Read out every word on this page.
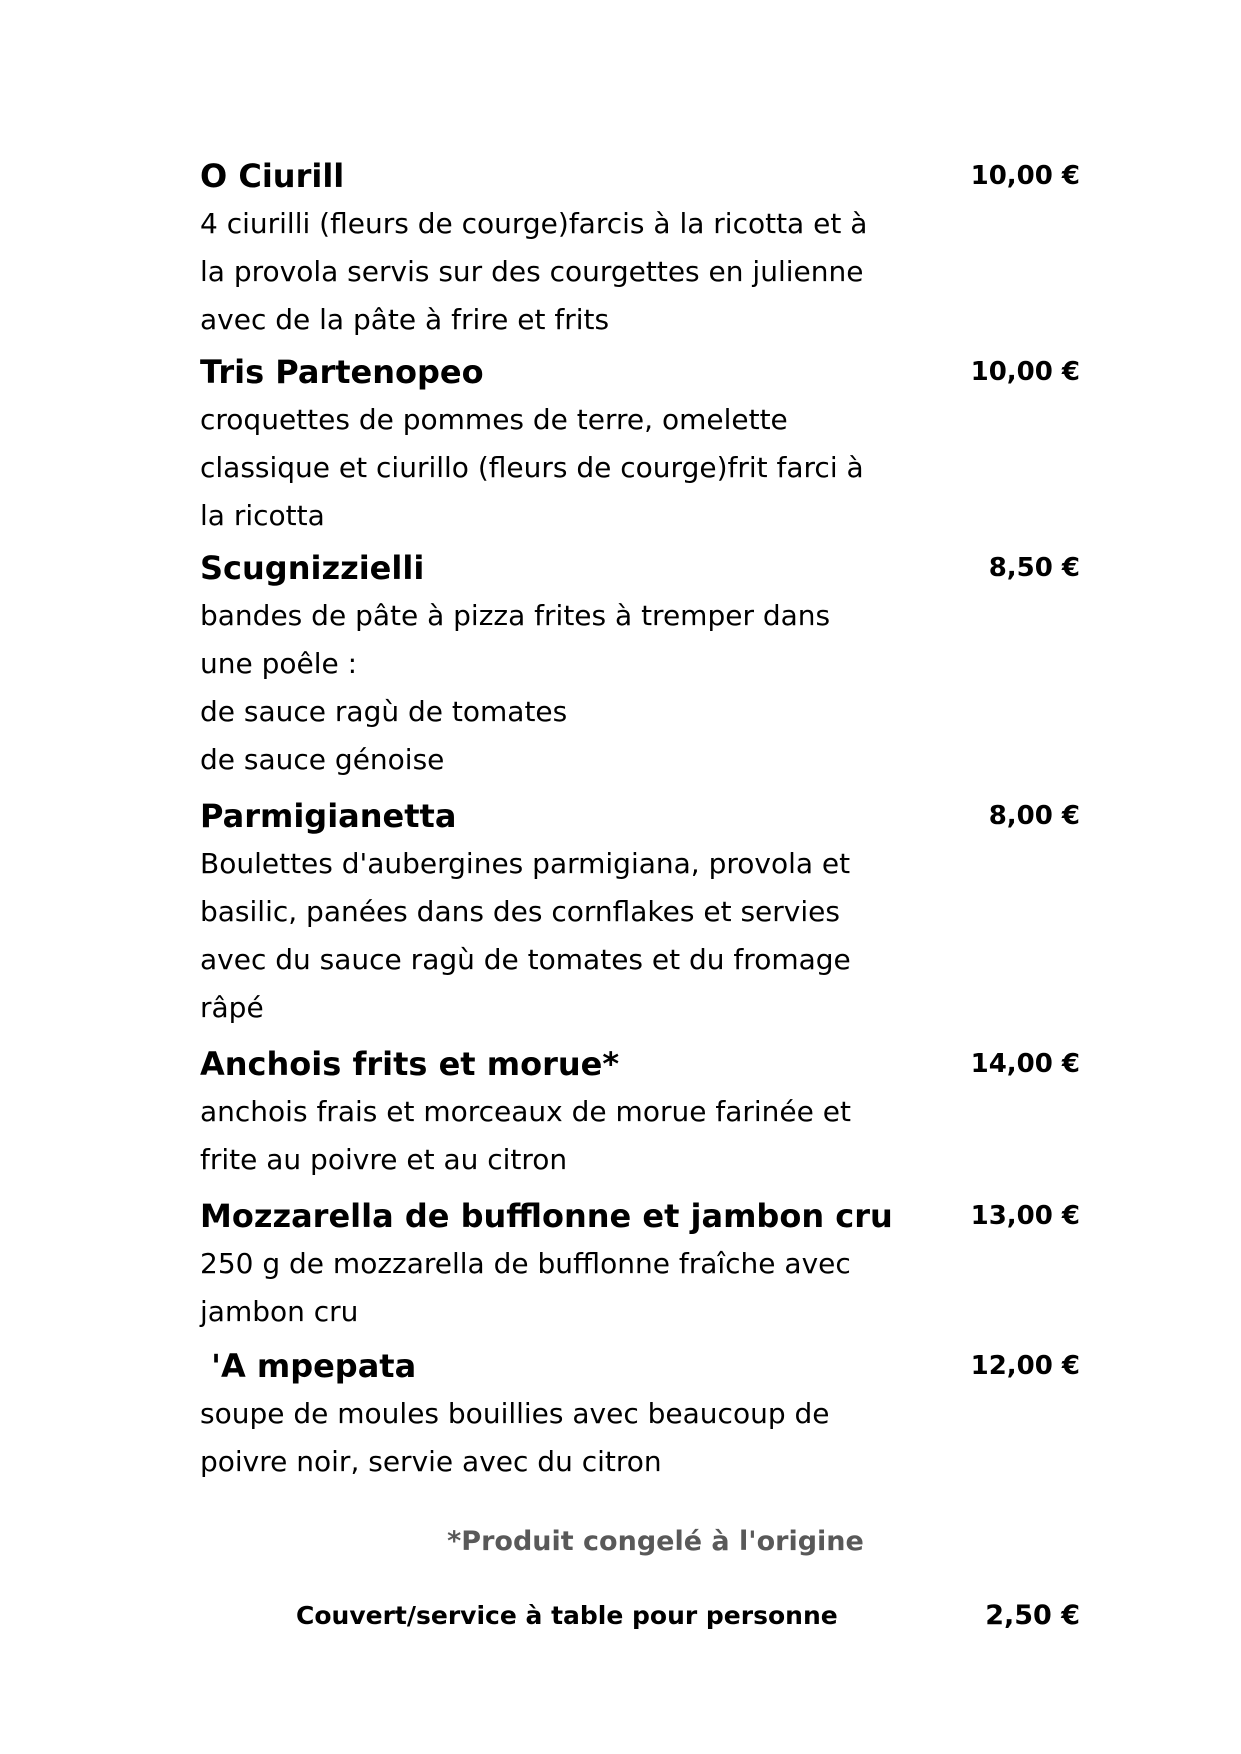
O Ciurill	10,00 €
4 ciurilli (fleurs de courge)farcis à la ricotta et à
la provola servis sur des courgettes en julienne
avec de la pâte à frire et frits
Tris Partenopeo	10,00 €
croquettes de pommes de terre, omelette
classique et ciurillo (fleurs de courge)frit farci à
la ricotta
Scugnizzielli	8,50 €
bandes de pâte à pizza frites à tremper dans
une poêle :
de sauce ragù de tomates
de sauce génoise
Parmigianetta	8,00 €
Boulettes d'aubergines parmigiana, provola et
basilic, panées dans des cornflakes et servies
avec du sauce ragù de tomates et du fromage
râpé
Anchois frits et morue*	14,00 €
anchois frais et morceaux de morue farinée et
frite au poivre et au citron
Mozzarella de bufflonne et jambon cru	13,00 €
250 g de mozzarella de bufflonne fraîche avec
jambon cru
'A mpepata	12,00 €
soupe de moules bouillies avec beaucoup de
poivre noir, servie avec du citron
*Produit congelé à l'origine
Couvert/service à table pour personne	2,50 €
